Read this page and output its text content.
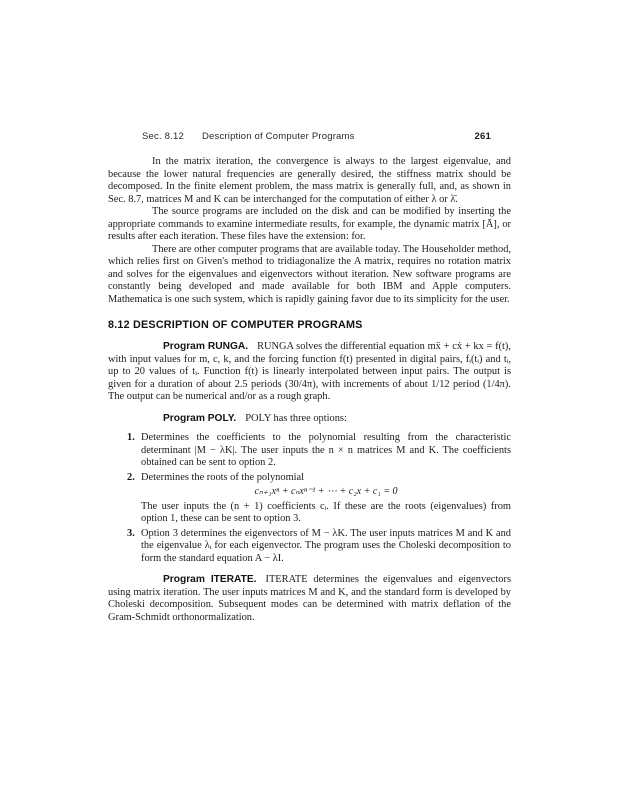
Sec. 8.12 Description of Computer Programs	261

In the matrix iteration, the convergence is always to the largest eigenvalue, and because the lower natural frequencies are generally desired, the stiffness matrix should be decomposed. In the finite element problem, the mass matrix is generally full, and, as shown in Sec. 8.7, matrices M and K can be interchanged for the computation of either λ or λ̄.

The source programs are included on the disk and can be modified by inserting the appropriate commands to examine intermediate results, for example, the dynamic matrix [Ā], or results after each iteration. These files have the extension: for.

There are other computer programs that are available today. The Householder method, which relies first on Given's method to tridiagonalize the A matrix, requires no rotation matrix and solves for the eigenvalues and eigenvectors without iteration. New software programs are constantly being developed and made available for both IBM and Apple computers. Mathematica is one such system, which is rapidly gaining favor due to its simplicity for the user.

8.12 DESCRIPTION OF COMPUTER PROGRAMS

Program RUNGA. RUNGA solves the differential equation mẍ + cẋ + kx = f(t), with input values for m, c, k, and the forcing function f(t) presented in digital pairs, fᵢ(tᵢ) and tᵢ, up to 20 values of tᵢ. Function f(t) is linearly interpolated between input pairs. The output is given for a duration of about 2.5 periods (30/4π), with increments of about 1/12 period (1/4π). The output can be numerical and/or as a rough graph.

Program POLY. POLY has three options:

1. Determines the coefficients to the polynomial resulting from the characteristic determinant |M − λK|. The user inputs the n × n matrices M and K. The coefficients obtained can be sent to option 2.

2. Determines the roots of the polynomial

cₙ₊₁xⁿ + cₙxⁿ⁻¹ + ⋯ + c₂x + c₁ = 0

The user inputs the (n + 1) coefficients cᵢ. If these are the roots (eigenvalues) from option 1, these can be sent to option 3.

3. Option 3 determines the eigenvectors of M − λK. The user inputs matrices M and K and the eigenvalue λᵢ for each eigenvector. The program uses the Choleski decomposition to form the standard equation A − λI.

Program ITERATE. ITERATE determines the eigenvalues and eigenvectors using matrix iteration. The user inputs matrices M and K, and the standard form is developed by Choleski decomposition. Subsequent modes can be determined with matrix deflation of the Gram-Schmidt orthonormalization.
